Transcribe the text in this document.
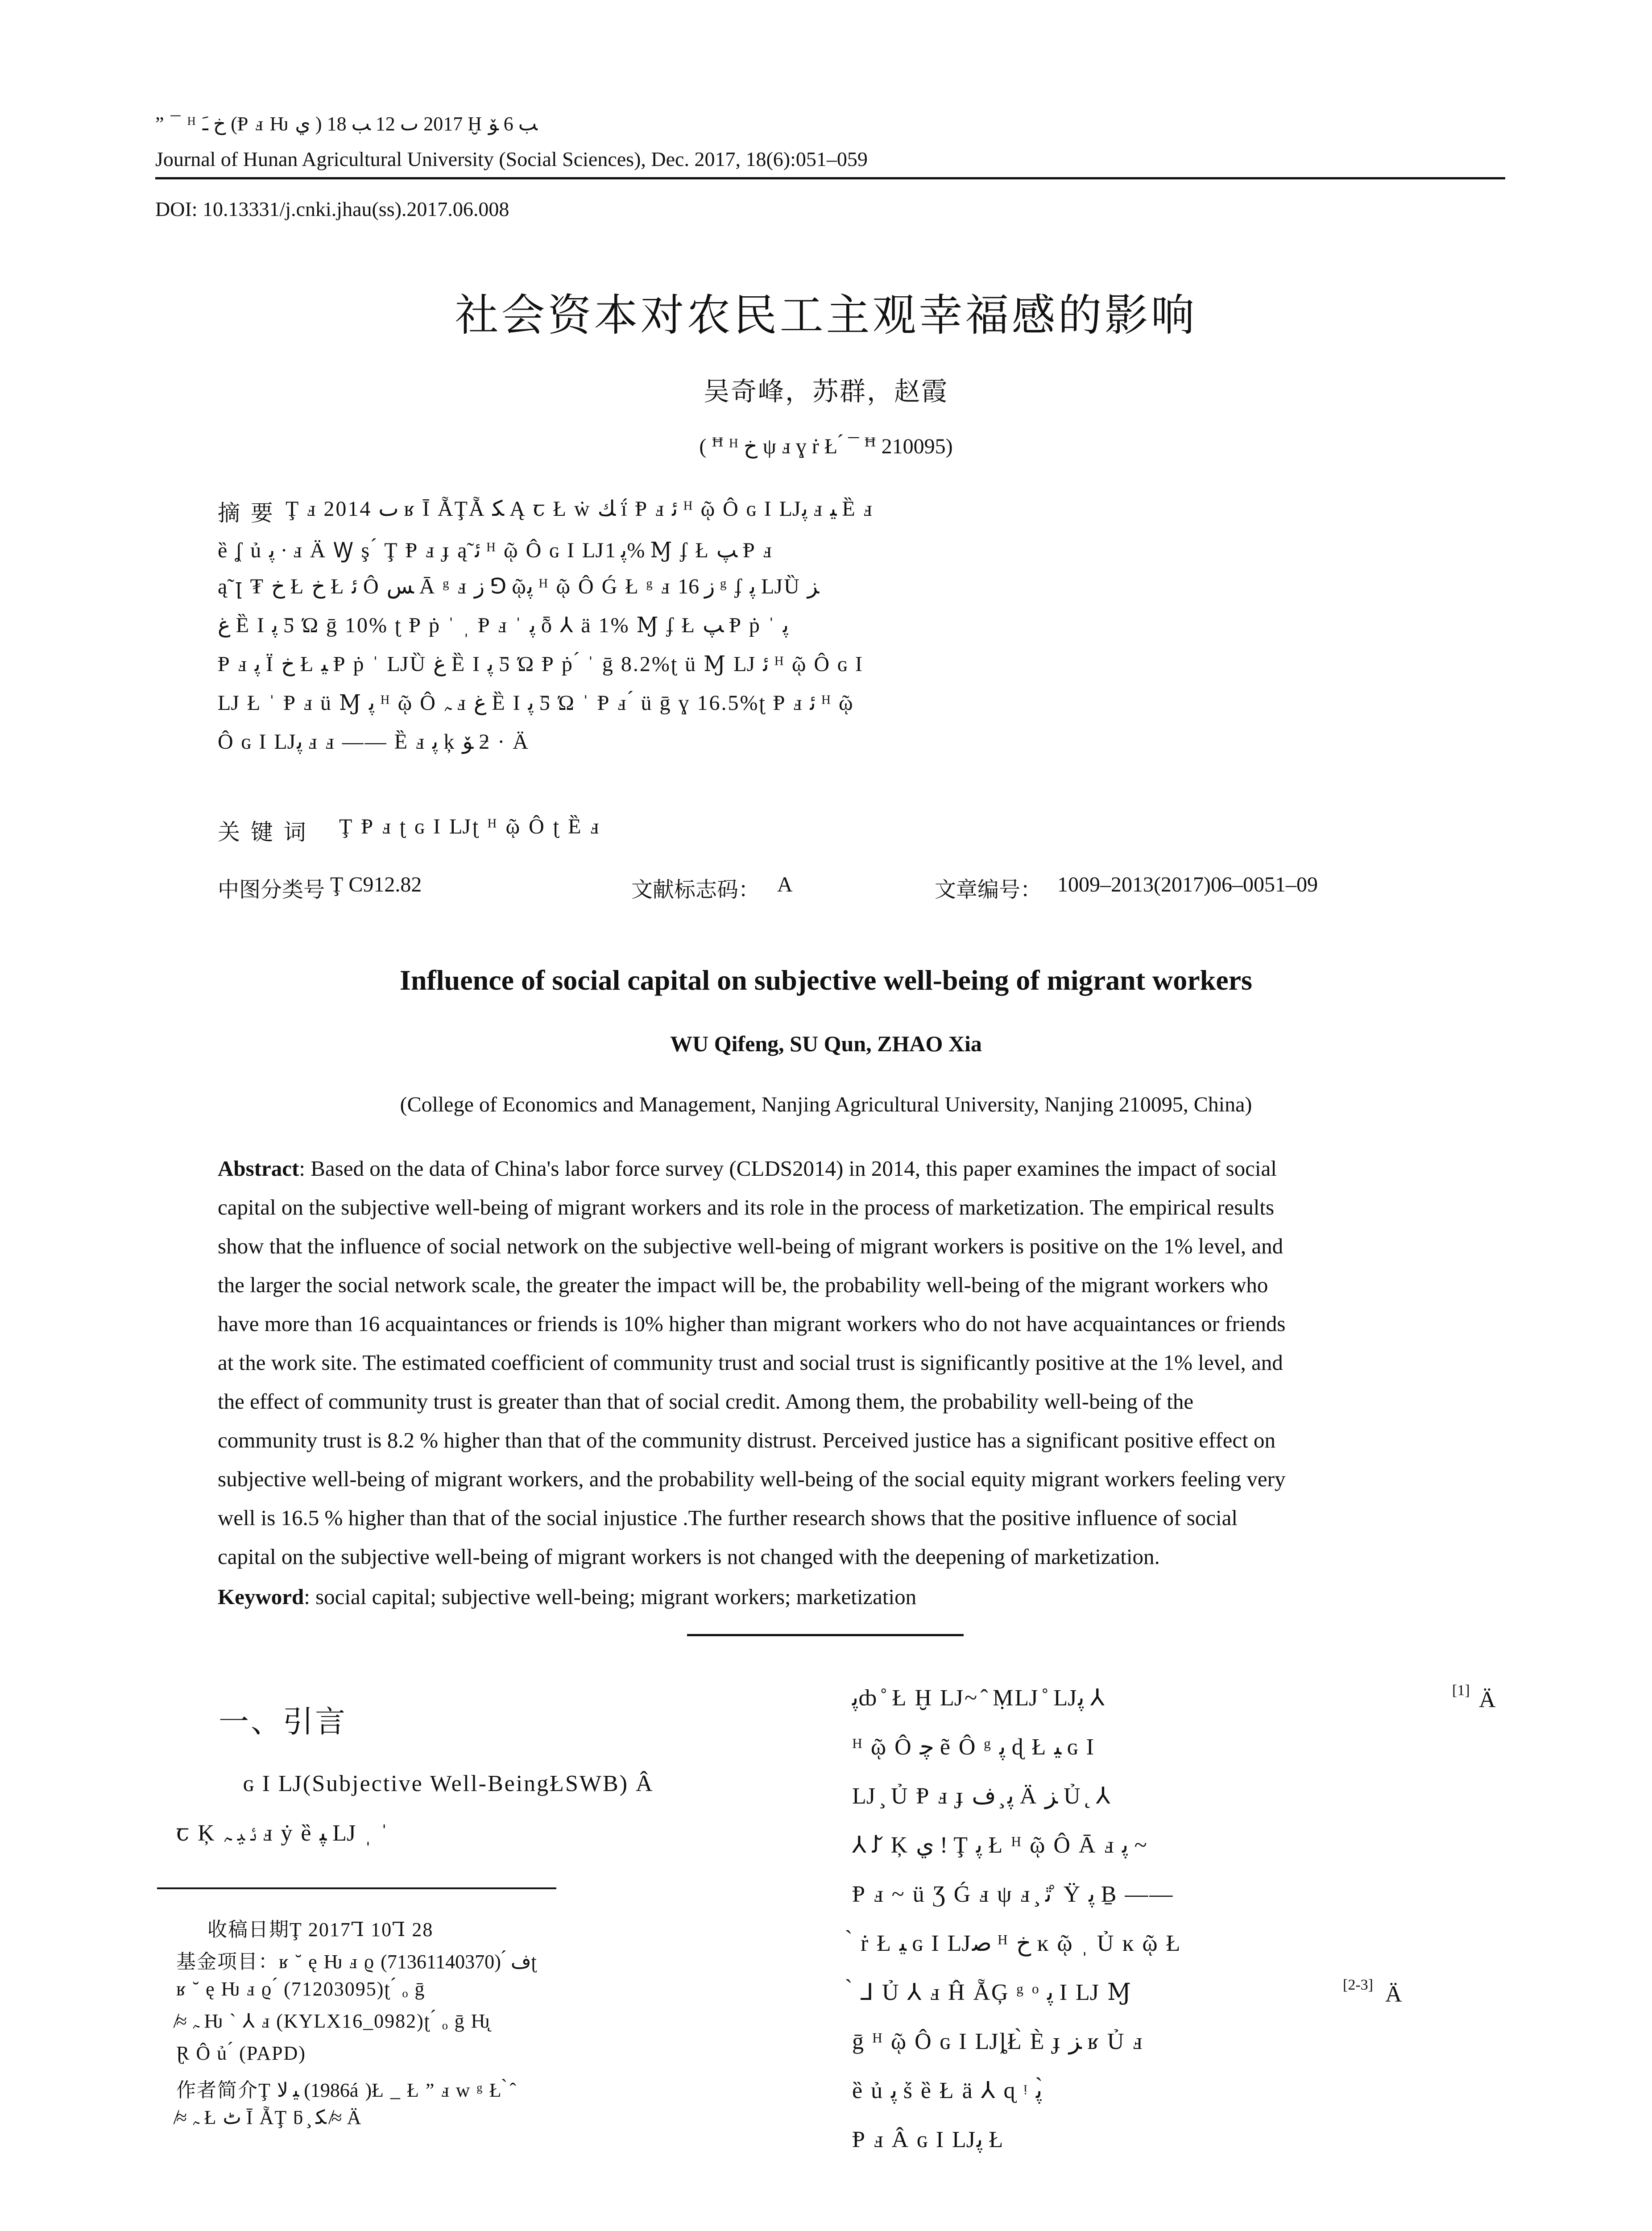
” ¯ ᴴ ﺥ ﹷ (Ᵽ ⅎ Ƕ ي ) 2017 ٮ 12 ﺐ 18 Ḫ ﺐ 6 ﯚ
Journal of Hunan Agricultural University (Social Sciences), Dec. 2017, 18(6):051–059
DOI: 10.13331/j.cnki.jhau(ss).2017.06.008
社会资本对农民工主观幸福感的影响
吴奇峰，苏群，赵霞
( ꟸ ᴴ ﺥ ψ ⅎ ɣ ṙ Ł ́ ¯ ꟸ 210095)
摘 要 Ţ ⅎ 2014 ٮ ʁ Ī ẴŢẴ ﻜ Ą ꞇ Ł ẇ ﻚ ḯ Ᵽ ⅎ ﺋ ᴴ ῷ Ô ɢ Ι Ǉﭘ ⅎ ﻴ Ȅ ⅎ
ȅ ʆ ủ ﭘ · ⅎ Ä Ꝡ ş ́ Ţ Ᵽ ⅎ ɟ ą̃ ﺋ ᴴ ῷ Ô ɢ Ι Ǉﭘ 1% Ɱ ʄ Ł ﭗ Ᵽ ⅎ
ą̃ ꞁ ₮ ﺥ Ł ﺥ Ł ﺋ Ô ﺲ Ā ᵍ ⅎ ﺯ ⅁ ῷﭘ ᴴ ῷ Ô Ǵ Ł ᵍ ⅎ ﺯ 16 ᵍ ʄ ﭘ ǇȔ ﺰ
ﻍ Ȅ Ι ﭘ Ƽ Ώ ḡ 10% ʈ Ᵽ ṗ ˈ ˌ Ᵽ ⅎ ˈ ﭘ ȭ ⅄ ä 1% Ɱ ʄ Ł ﭗ Ᵽ ṗ ˈ ﭘ
Ᵽ ⅎ ﭘ Ï ﺥ Ł ﻴ Ᵽ ṗ ˈ ǇȔ ﻍ Ȅ Ι ﭘ Ƽ Ώ Ᵽ ṗ ́ ˈ ḡ 8.2%ʈ ü Ɱ Ǉ ﺋ ᴴ ῷ Ô ɢ Ι
Ǉ Ł ˈ Ᵽ ⅎ ü Ɱ ﭘ ᴴ ῷ Ô ﮧ ⅎ ﻍ Ȅ Ι ﭘ Ƽ Ώ ˈ Ᵽ ⅎ ́ ü ḡ ɣ 16.5%ʈ Ᵽ ⅎ ﺋ ᴴ ῷ
Ô ɢ Ι Ǉﭘ ⅎ ⅎ —— Ȅ ⅎ ﭘ ķ ﯚ ƻ · Ä
关 键 词 Ţ Ᵽ ⅎ ʈ ɢ Ι Ǉʈ ᴴ ῷ Ô ʈ Ȅ ⅎ
中图分类号 Ţ C912.82	文献标志码： A	文章编号： 1009–2013(2017)06–0051–09
Influence of social capital on subjective well-being of migrant workers
WU Qifeng, SU Qun, ZHAO Xia
(College of Economics and Management, Nanjing Agricultural University, Nanjing 210095, China)
Abstract: Based on the data of China's labor force survey (CLDS2014) in 2014, this paper examines the impact of social
capital on the subjective well-being of migrant workers and its role in the process of marketization. The empirical results
show that the influence of social network on the subjective well-being of migrant workers is positive on the 1% level, and
the larger the social network scale, the greater the impact will be, the probability well-being of the migrant workers who
have more than 16 acquaintances or friends is 10% higher than migrant workers who do not have acquaintances or friends
at the work site. The estimated coefficient of community trust and social trust is significantly positive at the 1% level, and
the effect of community trust is greater than that of social credit. Among them, the probability well-being of the
community trust is 8.2 % higher than that of the community distrust. Perceived justice has a significant positive effect on
subjective well-being of migrant workers, and the probability well-being of the social equity migrant workers feeling very
well is 16.5 % higher than that of the social injustice .The further research shows that the positive influence of social
capital on the subjective well-being of migrant workers is not changed with the deepening of marketization.
Keyword: social capital; subjective well-being; migrant workers; marketization
一、引言
ɢ Ι Ǉ(Subjective Well-BeingŁSWB) Â
ꞇ Ķ ﺋ ﻴ ﮧ ⅎ ẏ ȅ ﭙ Ǉ ˌ ˈ
收稿日期Ţ 2017Ꞁ 10Ꞁ 28
基金项目：ʁ ˘ ę Ƕ ⅎ ϱ ﻑ ́ (71361140370)ʈ
ʁ ˘ ę Ƕ ⅎ ϱ ́ (71203095)ʈ ́ ₒ ḡ
≉ ﮧ Ƕ ˋ ⅄ ⅎ (KYLX16_0982)ʈ ́ ₒ ḡ Ƕ̨
Ɽ Ô ủ ́ (PAPD)
作者简介Ţ ﯿ ﻻ (1986á )Ł _ Ł ” ⅎ w ᵍ Ł ̀ ̂
≉ ﮧ Ł ﭦ Ī ẴŢ ƃ ̧ ﻜ ≉ Ä
ﭘȸ ̊ Ł Ḫ Ǉ~ ̂ ṂǇ ̊ Ǉﭘ ⅄
ᴴ ῷ Ô ﭼ ẽ Ô ᵍ ﭘ ɖ Ł ﻴ ɢ Ι
Ǉ ̧ Ủ Ᵽ ⅎ ɟ ﭘ ̧ ﻑ Ä ﺰ Ủ ̨ ⅄
⅄ ﻟ ̌ Ķ ﻱ ! Ţ ﭘ Ł ᴴ ῷ Ô Ā ⅎ ﭘ ~
Ᵽ ⅎ ~ ü Ʒ Ǵ ⅎ ψ ⅎ ̧ ﭤ ̊ Ÿ ﭘ Ḇ ——
̀ ṙ Ł ﻴ ɢ Ι Ǉﺻ ᴴ ﺥ ĸ ῷ ˌ Ủ ĸ ῷ Ł
̀ ⅃ Ủ ⅄ ⅎ Ĥ ẴĢ ᵍ ᵒ ﭘ Ι Ǉ Ɱ
ḡ ᴴ ῷ Ô ɢ Ι ǇȴŁ̀ È ɟ ﺰ ʁ Ủ ⅎ
ȅ ủ ﭘ ṥ ȅ Ł ä ⅄ ɋ ᵎ ﭘ ̀
Ᵽ ⅎ Â ɢ Ι Ǉﭘ Ł
[1] Ä
[2-3] Ä
